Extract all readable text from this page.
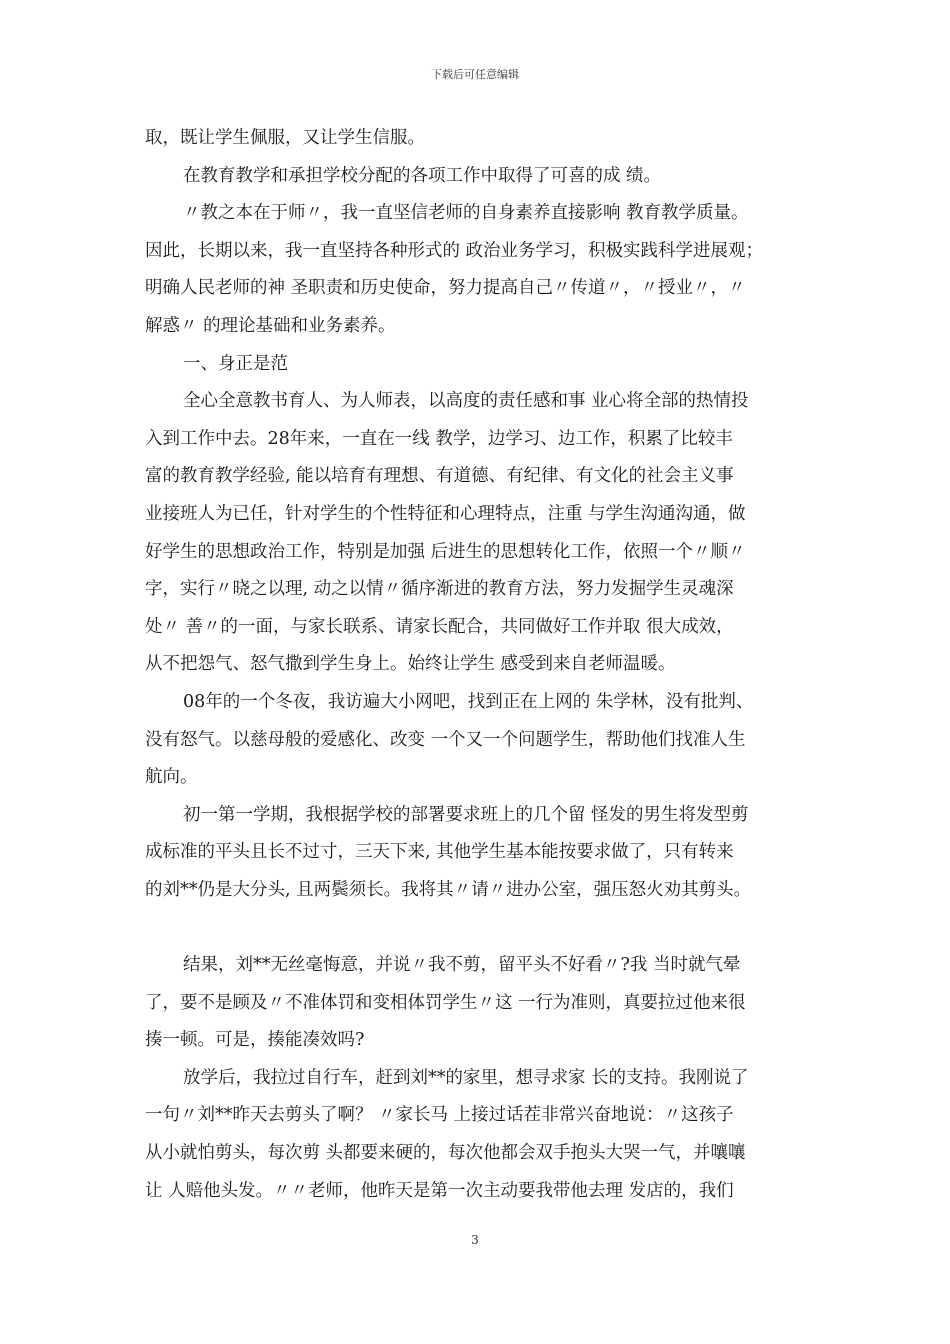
下载后可任意编辑
取，既让学生佩服，又让学生信服。
在教育教学和承担学校分配的各项工作中取得了可喜的成 绩。
〃教之本在于师〃，我一直坚信老师的自身素养直接影响 教育教学质量。
因此，长期以来，我一直坚持各种形式的 政治业务学习，积极实践科学进展观；
明确人民老师的神 圣职责和历史使命，努力提高自己〃传道〃，〃授业〃，〃
解惑〃 的理论基础和业务素养。
一、身正是范
全心全意教书育人、为人师表，以高度的责任感和事 业心将全部的热情投
入到工作中去。28年来，一直在一线 教学，边学习、边工作，积累了比较丰
富的教育教学经验, 能以培育有理想、有道德、有纪律、有文化的社会主义事
业接班人为已任，针对学生的个性特征和心理特点，注重 与学生沟通沟通，做
好学生的思想政治工作，特别是加强 后进生的思想转化工作，依照一个〃顺〃
字，实行〃晓之以理, 动之以情〃循序渐进的教育方法，努力发掘学生灵魂深
处〃 善〃的一面，与家长联系、请家长配合，共同做好工作并取 很大成效，
从不把怨气、怒气撒到学生身上。始终让学生 感受到来自老师温暖。
08年的一个冬夜，我访遍大小网吧，找到正在上网的 朱学林，没有批判、
没有怒气。以慈母般的爱感化、改变 一个又一个问题学生，帮助他们找准人生
航向。
初一第一学期，我根据学校的部署要求班上的几个留 怪发的男生将发型剪
成标准的平头且长不过寸，三天下来, 其他学生基本能按要求做了，只有转来
的刘**仍是大分头, 且两鬓须长。我将其〃请〃进办公室，强压怒火劝其剪头。
结果，刘**无丝毫悔意，并说〃我不剪，留平头不好看〃?我 当时就气晕
了，要不是顾及〃不准体罚和变相体罚学生〃这 一行为准则，真要拉过他来很
揍一顿。可是，揍能凑效吗?
放学后，我拉过自行车，赶到刘**的家里，想寻求家 长的支持。我刚说了
一句〃刘**昨天去剪头了啊？ 〃家长马 上接过话茬非常兴奋地说：〃这孩子
从小就怕剪头，每次剪 头都要来硬的，每次他都会双手抱头大哭一气，并嚷嚷
让 人赔他头发。〃〃老师，他昨天是第一次主动要我带他去理 发店的，我们
3
